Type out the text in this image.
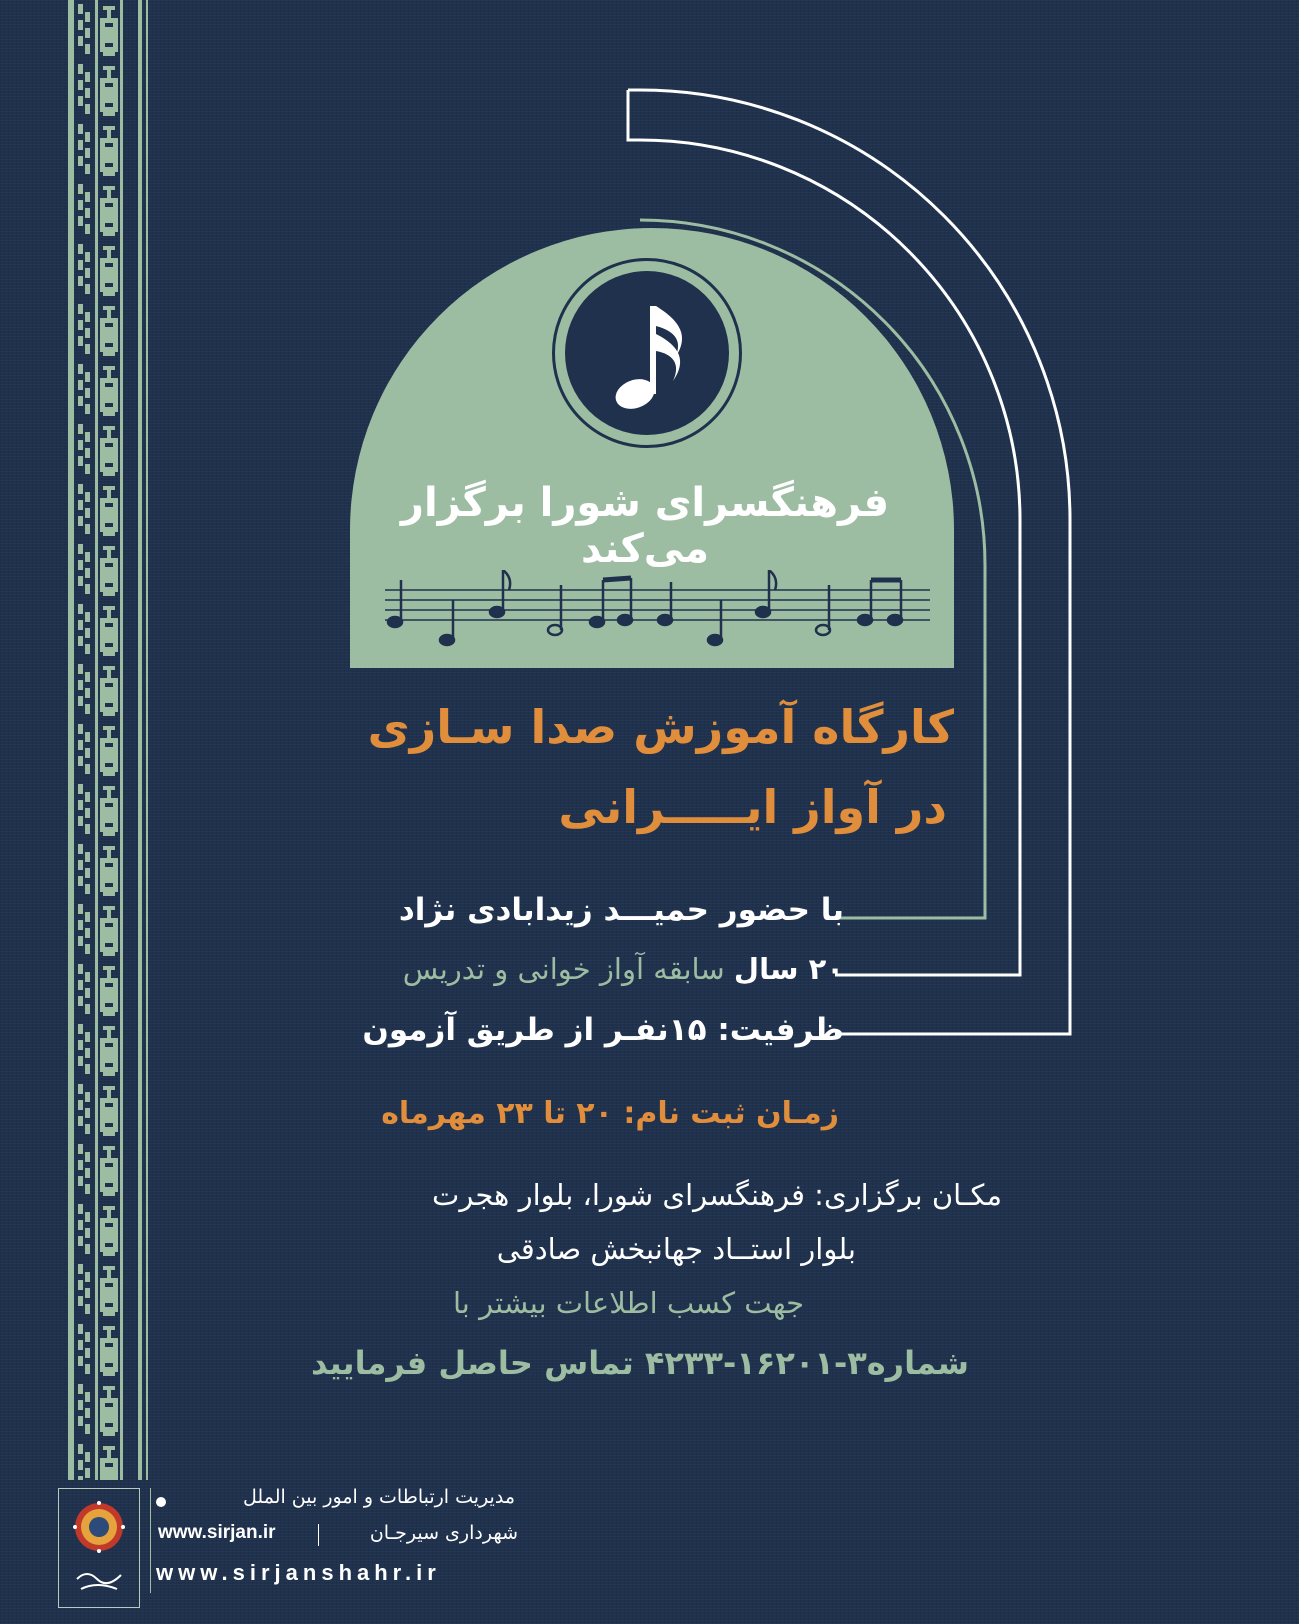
فرهنگسرای شورا برگزار می‌کند
کارگاه آموزش صدا سـازی
در آواز ایـــــرانی
با حضور حمیـــد زیدابادی نژاد
۲۰ سال سابقه آواز خوانی و تدریس
ظرفیت: ۱۵نفـر از طریق آزمون
زمـان ثبت نام: ۲۰ تا ۲۳ مهرماه
مکـان برگزاری: فرهنگسرای شورا، بلوار هجرت
بلوار استــاد جهانبخش صادقی
جهت کسب اطلاعات بیشتر با
شماره۳-۱۶۲۰۱-۴۲۳۳ تماس حاصل فرمایید
مدیریت ارتباطات و امور بین الملل
www.sirjan.ir	شهرداری سیرجـان
www.sirjanshahr.ir
